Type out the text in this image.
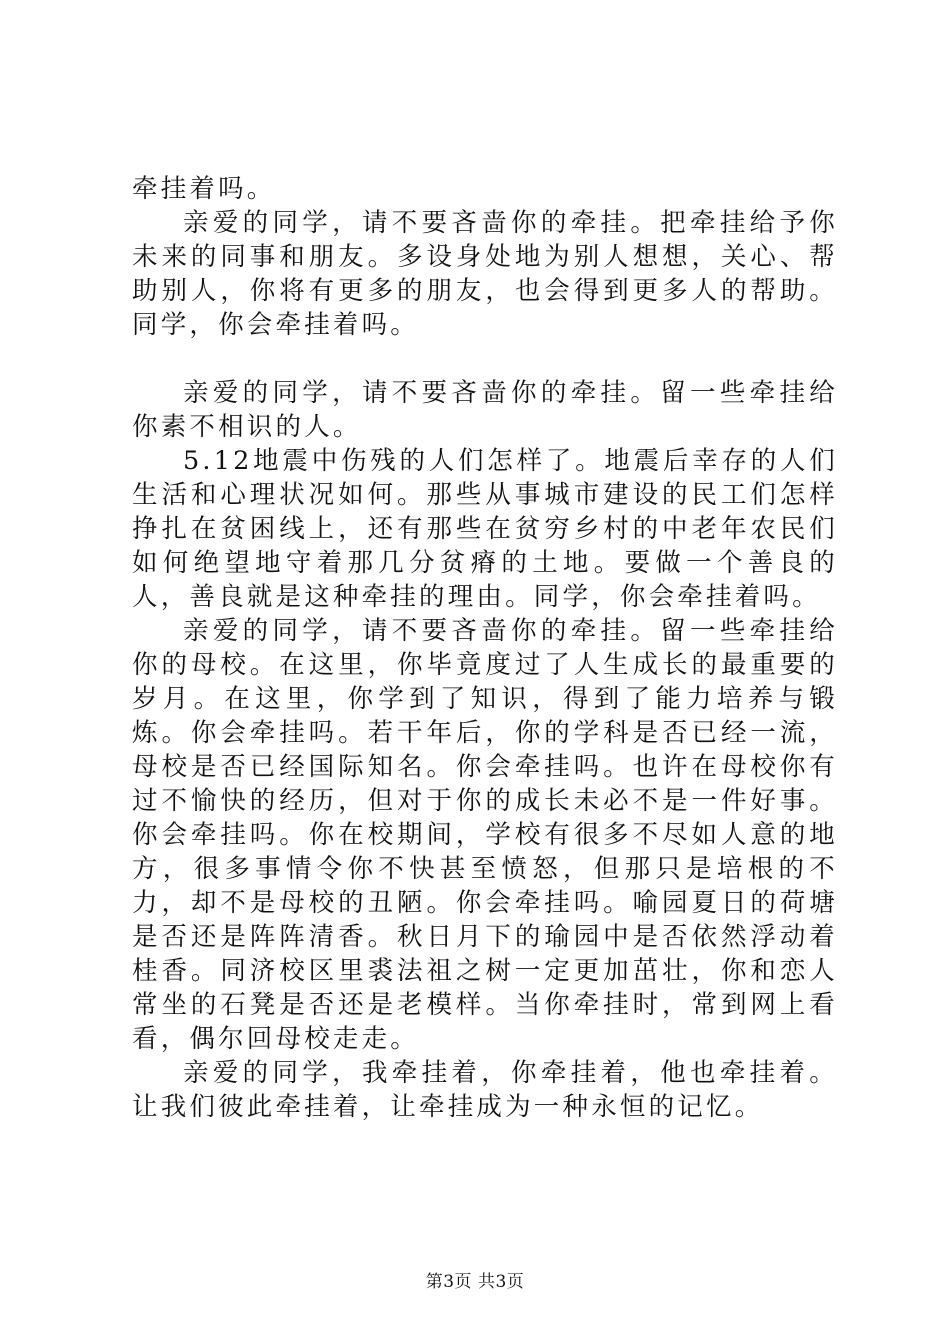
牵挂着吗。

亲爱的同学，请不要吝啬你的牵挂。把牵挂给予你未来的同事和朋友。多设身处地为别人想想，关心、帮助别人，你将有更多的朋友，也会得到更多人的帮助。同学，你会牵挂着吗。

亲爱的同学，请不要吝啬你的牵挂。留一些牵挂给你素不相识的人。

5.12地震中伤残的人们怎样了。地震后幸存的人们生活和心理状况如何。那些从事城市建设的民工们怎样挣扎在贫困线上，还有那些在贫穷乡村的中老年农民们如何绝望地守着那几分贫瘠的土地。要做一个善良的人，善良就是这种牵挂的理由。同学，你会牵挂着吗。

亲爱的同学，请不要吝啬你的牵挂。留一些牵挂给你的母校。在这里，你毕竟度过了人生成长的最重要的岁月。在这里，你学到了知识，得到了能力培养与锻炼。你会牵挂吗。若干年后，你的学科是否已经一流，母校是否已经国际知名。你会牵挂吗。也许在母校你有过不愉快的经历，但对于你的成长未必不是一件好事。你会牵挂吗。你在校期间，学校有很多不尽如人意的地方，很多事情令你不快甚至愤怒，但那只是培根的不力，却不是母校的丑陋。你会牵挂吗。喻园夏日的荷塘是否还是阵阵清香。秋日月下的瑜园中是否依然浮动着桂香。同济校区里裘法祖之树一定更加茁壮，你和恋人常坐的石凳是否还是老模样。当你牵挂时，常到网上看看，偶尔回母校走走。

亲爱的同学，我牵挂着，你牵挂着，他也牵挂着。让我们彼此牵挂着，让牵挂成为一种永恒的记忆。

第3页 共3页
